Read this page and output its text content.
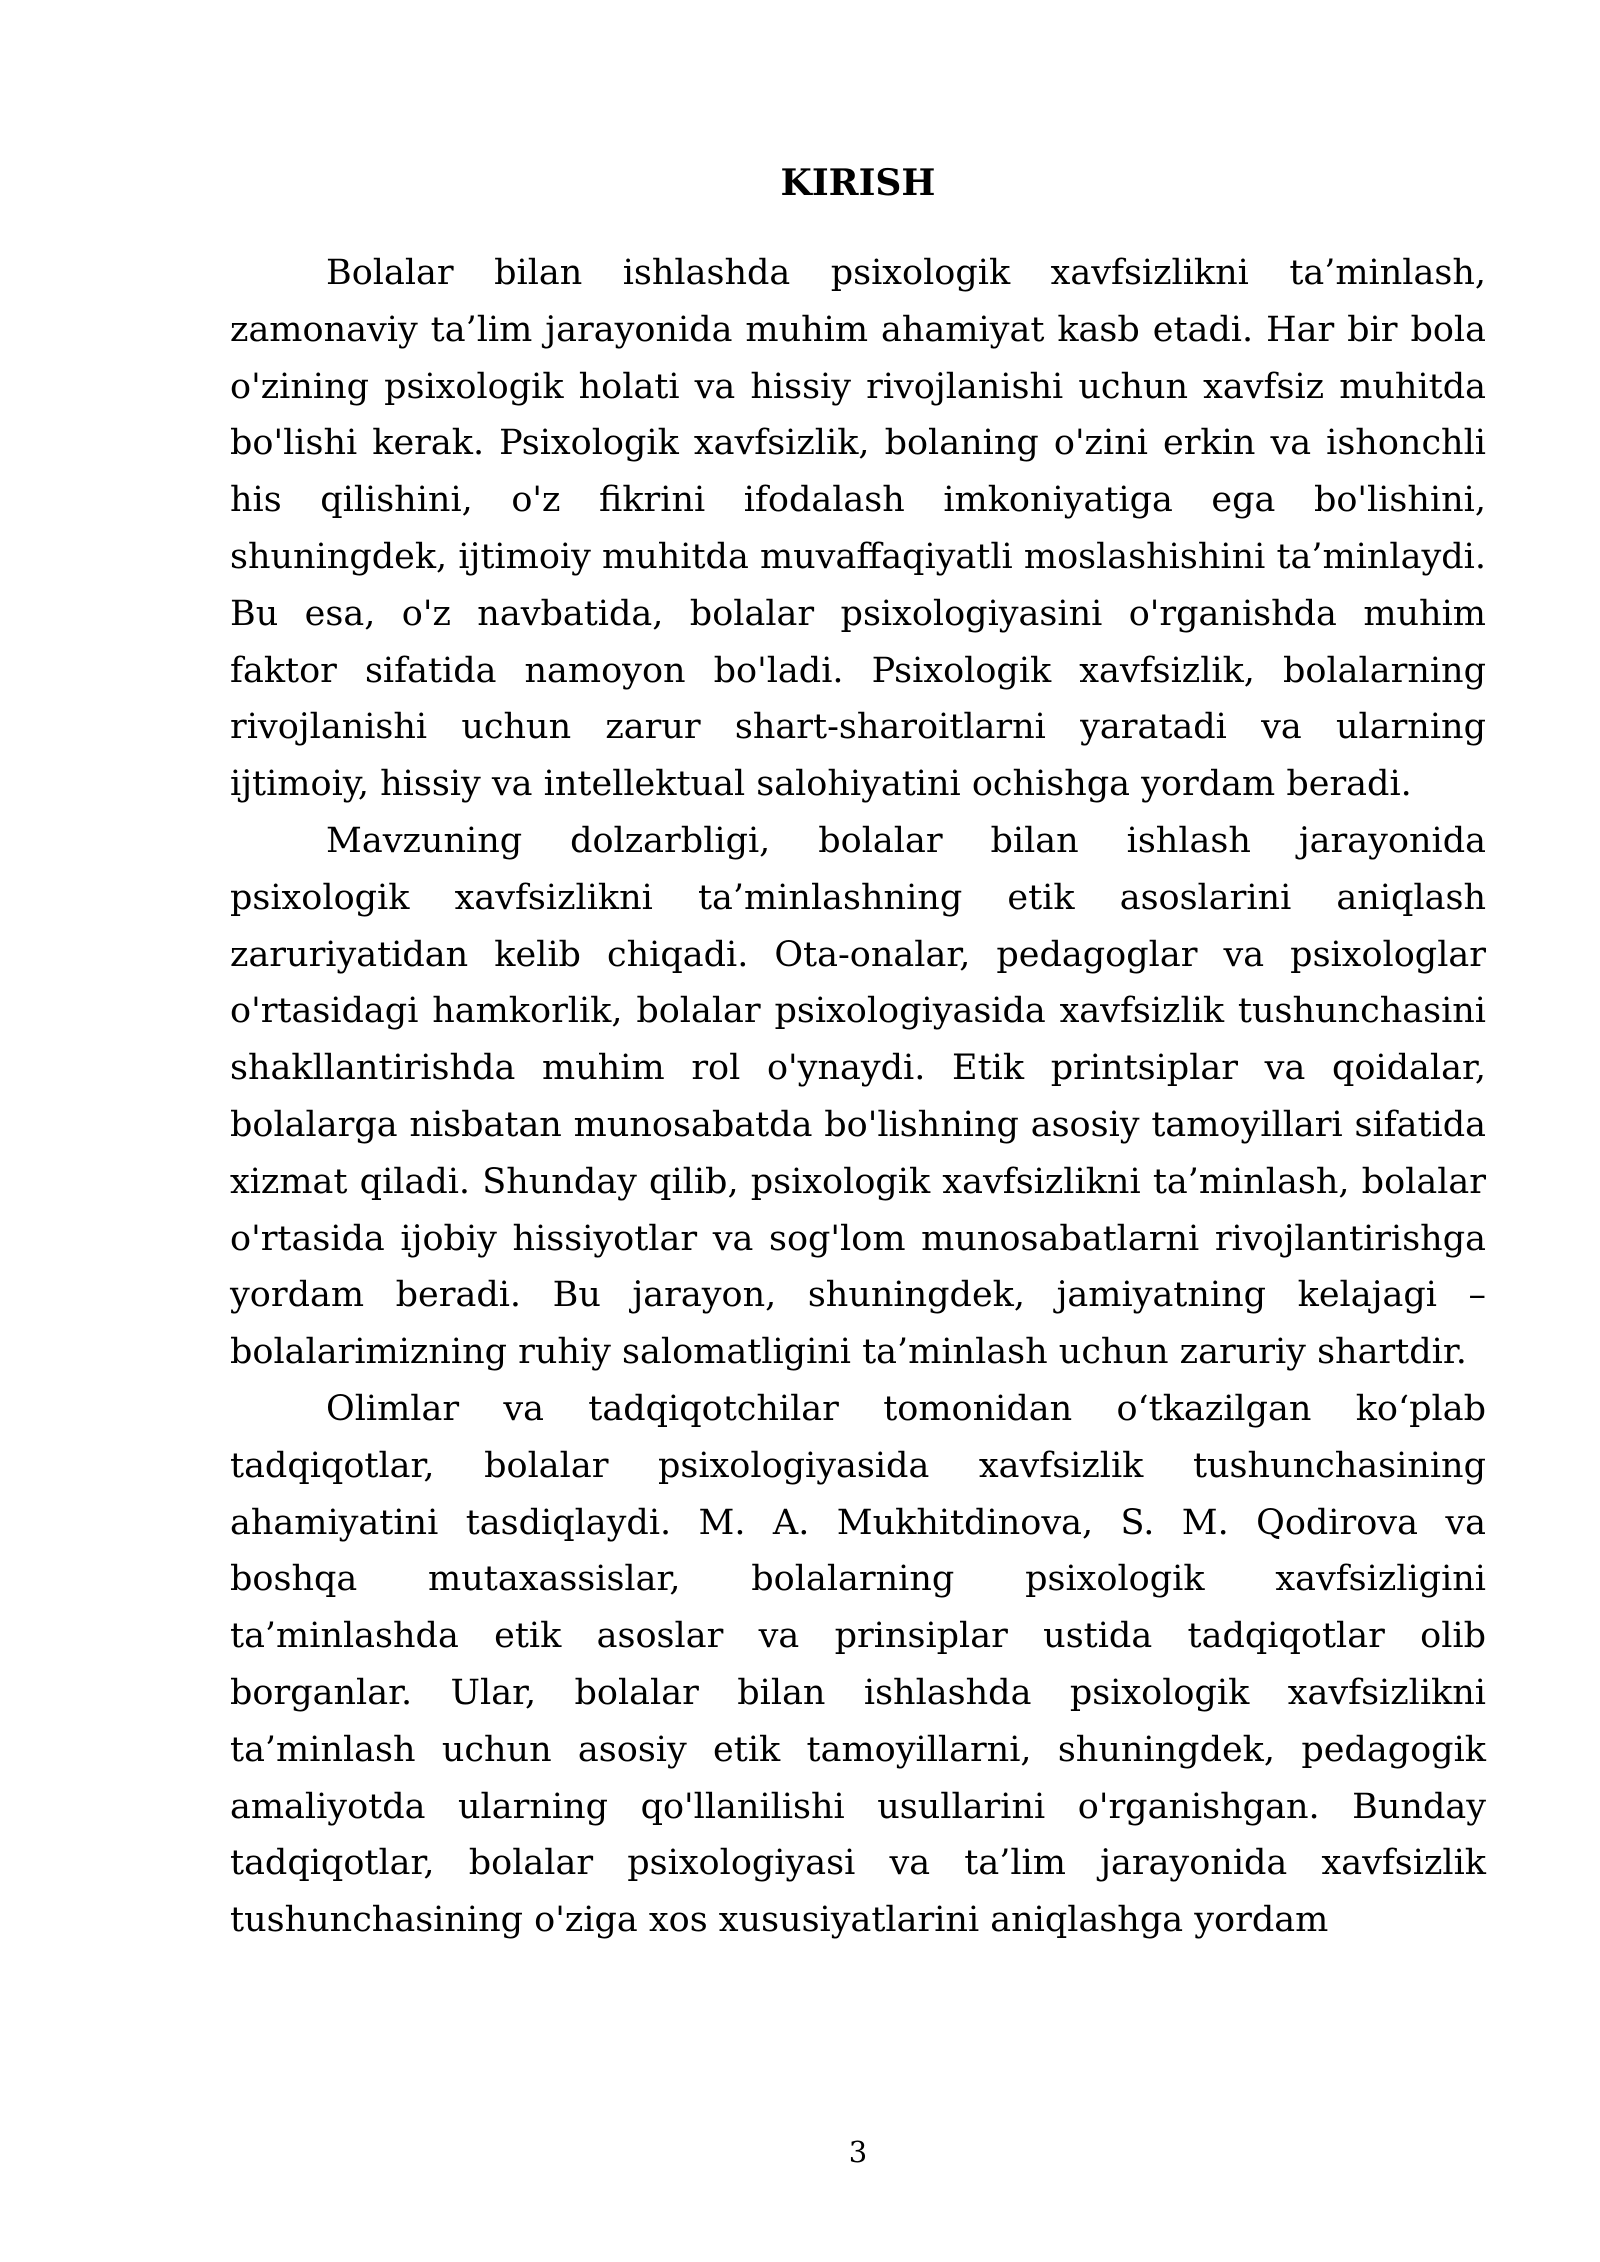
KIRISH

Bolalar bilan ishlashda psixologik xavfsizlikni ta’minlash, zamonaviy ta’lim jarayonida muhim ahamiyat kasb etadi. Har bir bola o'zining psixologik holati va hissiy rivojlanishi uchun xavfsiz muhitda bo'lishi kerak. Psixologik xavfsizlik, bolaning o'zini erkin va ishonchli his qilishini, o'z fikrini ifodalash imkoniyatiga ega bo'lishini, shuningdek, ijtimoiy muhitda muvaffaqiyatli moslashishini ta’minlaydi. Bu esa, o'z navbatida, bolalar psixologiyasini o'rganishda muhim faktor sifatida namoyon bo'ladi. Psixologik xavfsizlik, bolalarning rivojlanishi uchun zarur shart-sharoitlarni yaratadi va ularning ijtimoiy, hissiy va intellektual salohiyatini ochishga yordam beradi.

Mavzuning dolzarbligi, bolalar bilan ishlash jarayonida psixologik xavfsizlikni ta’minlashning etik asoslarini aniqlash zaruriyatidan kelib chiqadi. Ota-onalar, pedagoglar va psixologlar o'rtasidagi hamkorlik, bolalar psixologiyasida xavfsizlik tushunchasini shakllantirishda muhim rol o'ynaydi. Etik printsiplar va qoidalar, bolalarga nisbatan munosabatda bo'lishning asosiy tamoyillari sifatida xizmat qiladi. Shunday qilib, psixologik xavfsizlikni ta’minlash, bolalar o'rtasida ijobiy hissiyotlar va sog'lom munosabatlarni rivojlantirishga yordam beradi. Bu jarayon, shuningdek, jamiyatning kelajagi – bolalarimizning ruhiy salomatligini ta’minlash uchun zaruriy shartdir.

Olimlar va tadqiqotchilar tomonidan o‘tkazilgan ko‘plab tadqiqotlar, bolalar psixologiyasida xavfsizlik tushunchasining ahamiyatini tasdiqlaydi. M. A. Mukhitdinova, S. M. Qodirova va boshqa mutaxassislar, bolalarning psixologik xavfsizligini ta’minlashda etik asoslar va prinsiplar ustida tadqiqotlar olib borganlar. Ular, bolalar bilan ishlashda psixologik xavfsizlikni ta’minlash uchun asosiy etik tamoyillarni, shuningdek, pedagogik amaliyotda ularning qo'llanilishi usullarini o'rganishgan. Bunday tadqiqotlar, bolalar psixologiyasi va ta’lim jarayonida xavfsizlik tushunchasining o'ziga xos xususiyatlarini aniqlashga yordam

3
